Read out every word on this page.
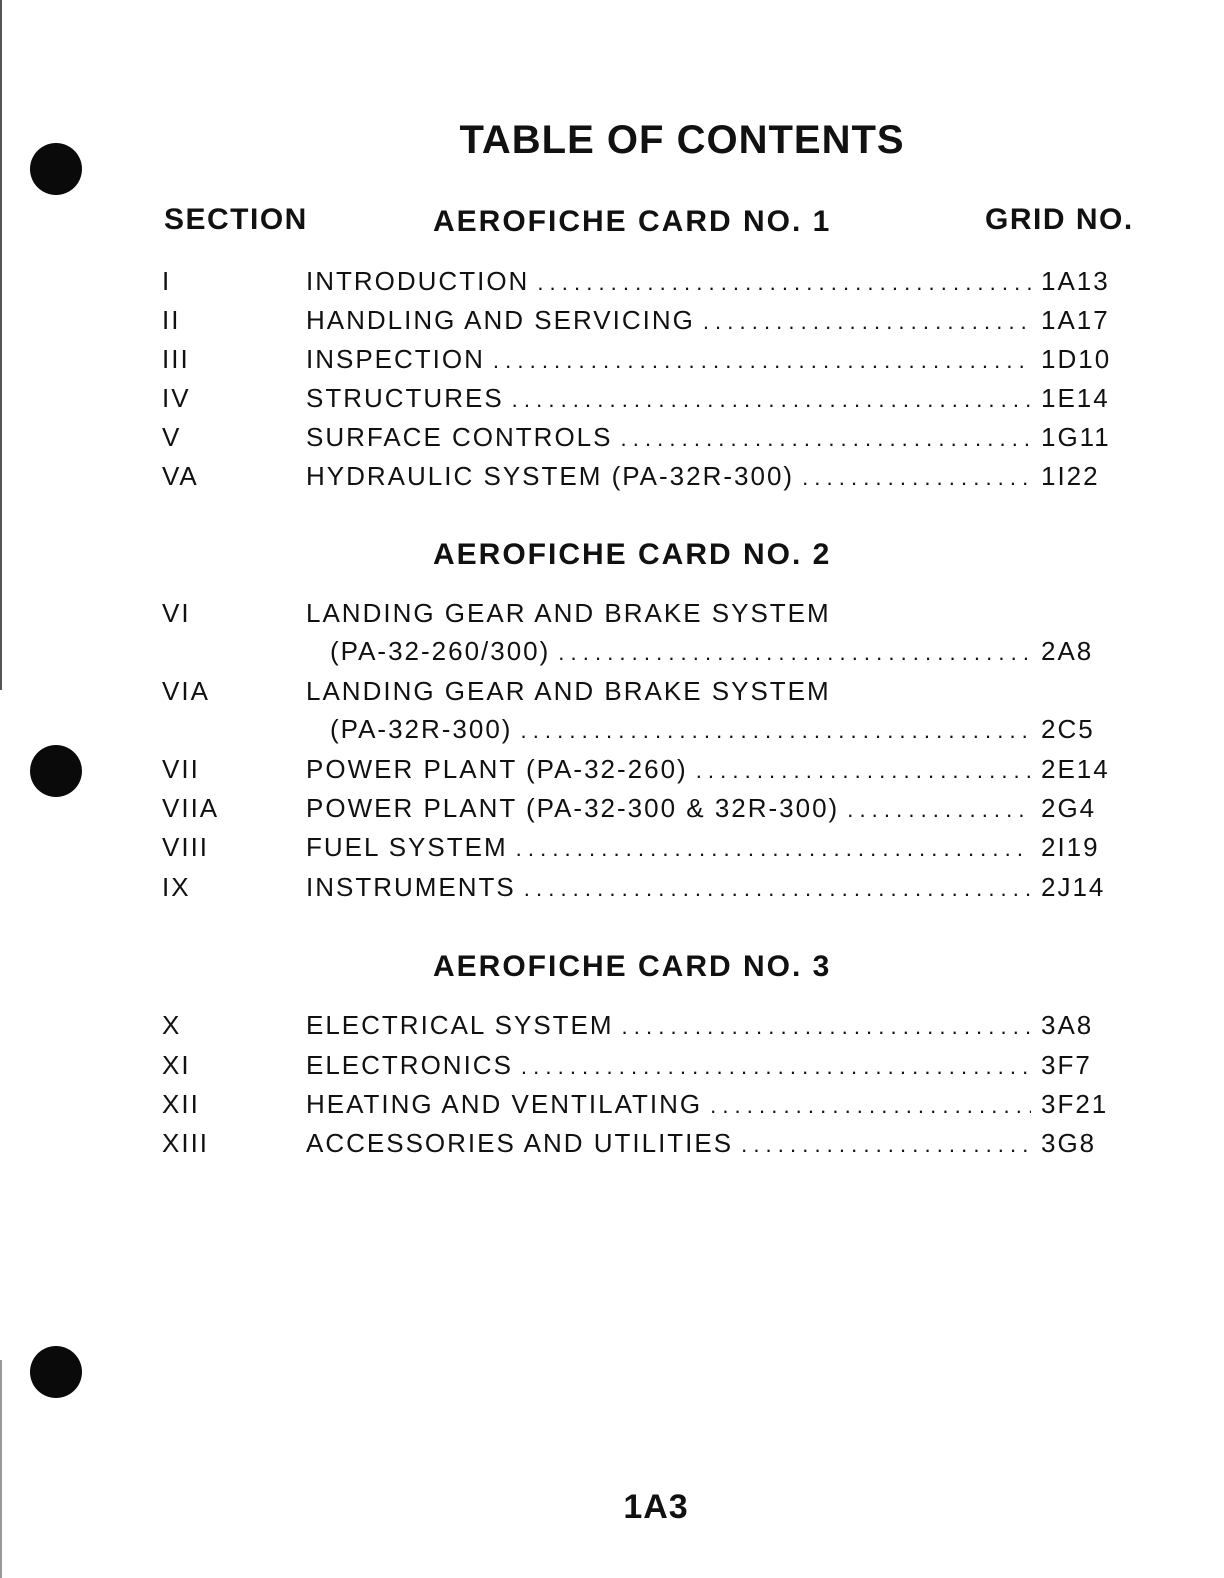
TABLE OF CONTENTS
SECTION	GRID NO.
AEROFICHE CARD NO. 1
I	INTRODUCTION . . .	1A13
II	HANDLING AND SERVICING . . .	1A17
III	INSPECTION . . .	1D10
IV	STRUCTURES . . .	1E14
V	SURFACE CONTROLS . . .	1G11
VA	HYDRAULIC SYSTEM (PA-32R-300) . . .	1I22
AEROFICHE CARD NO. 2
VI	LANDING GEAR AND BRAKE SYSTEM
(PA-32-260/300) . . .	2A8
VIA	LANDING GEAR AND BRAKE SYSTEM
(PA-32R-300) . . .	2C5
VII	POWER PLANT (PA-32-260) . . .	2E14
VIIA	POWER PLANT (PA-32-300 & 32R-300) . . .	2G4
VIII	FUEL SYSTEM . . .	2I19
IX	INSTRUMENTS . . .	2J14
AEROFICHE CARD NO. 3
X	ELECTRICAL SYSTEM . . .	3A8
XI	ELECTRONICS . . .	3F7
XII	HEATING AND VENTILATING . . .	3F21
XIII	ACCESSORIES AND UTILITIES . . .	3G8
1A3
